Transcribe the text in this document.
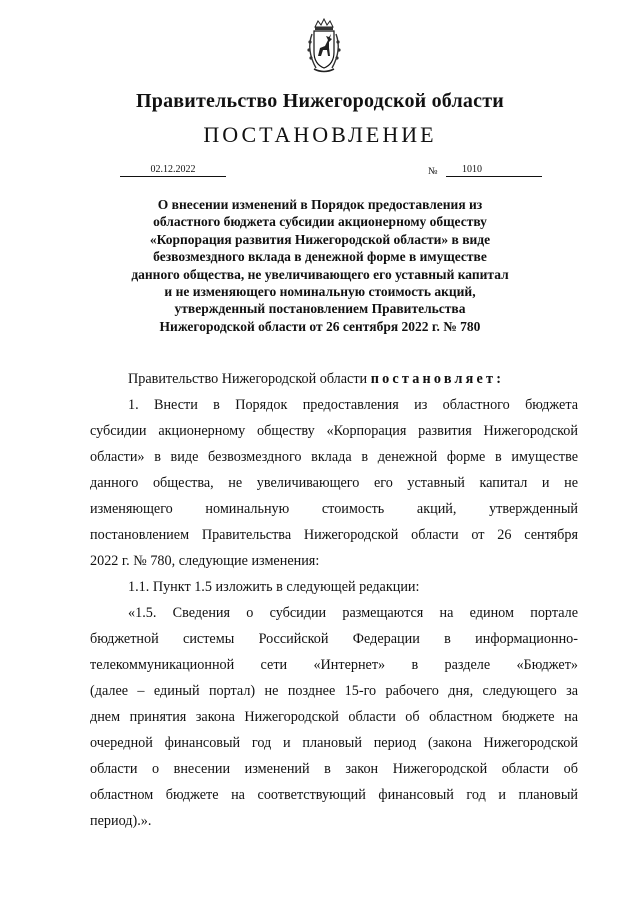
Правительство Нижегородской области
ПОСТАНОВЛЕНИЕ
02.12.2022	№	1010
О внесении изменений в Порядок предоставления из
областного бюджета субсидии акционерному обществу
«Корпорация развития Нижегородской области» в виде
безвозмездного вклада в денежной форме в имуществе
данного общества, не увеличивающего его уставный капитал
и не изменяющего номинальную стоимость акций,
утвержденный постановлением Правительства
Нижегородской области от 26 сентября 2022 г. № 780
Правительство Нижегородской области постановляет:
1. Внести в Порядок предоставления из областного бюджета
субсидии акционерному обществу «Корпорация развития Нижегородской
области» в виде безвозмездного вклада в денежной форме в имуществе
данного общества, не увеличивающего его уставный капитал и не
изменяющего номинальную стоимость акций, утвержденный
постановлением Правительства Нижегородской области от 26 сентября
2022 г. № 780, следующие изменения:
1.1. Пункт 1.5 изложить в следующей редакции:
«1.5. Сведения о субсидии размещаются на едином портале
бюджетной системы Российской Федерации в информационно-
телекоммуникационной сети «Интернет» в разделе «Бюджет»
(далее – единый портал) не позднее 15-го рабочего дня, следующего за
днем принятия закона Нижегородской области об областном бюджете на
очередной финансовый год и плановый период (закона Нижегородской
области о внесении изменений в закон Нижегородской области об
областном бюджете на соответствующий финансовый год и плановый
период).».
